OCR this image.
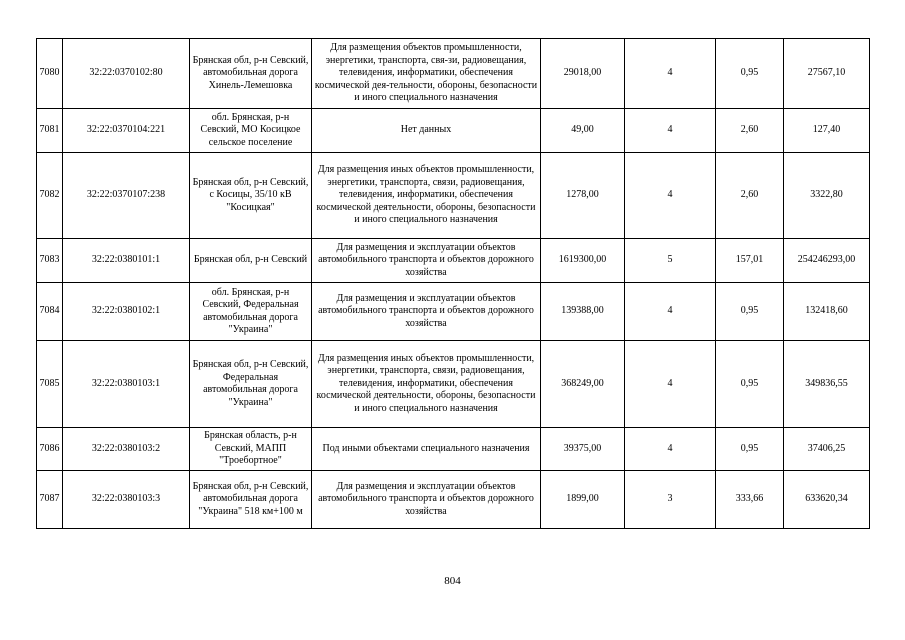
7080	32:22:0370102:80	Брянская обл, р-н Севский, автомобильная дорога Хинель-Лемешовка	Для размещения объектов промышленности, энергетики, транспорта, свя-зи, радиовещания, телевидения, информатики, обеспечения космической дея-тельности, обороны, безопасности и иного специального назначения	29018,00	4	0,95	27567,10
7081	32:22:0370104:221	обл. Брянская, р-н Севский, МО Косицкое сельское поселение	Нет данных	49,00	4	2,60	127,40
7082	32:22:0370107:238	Брянская обл, р-н Севский, с Косицы, 35/10 кВ "Косицкая"	Для размещения иных объектов промышленности, энергетики, транспорта, связи, радиовещания, телевидения, информатики, обеспечения космической деятельности, обороны, безопасности и иного специального назначения	1278,00	4	2,60	3322,80
7083	32:22:0380101:1	Брянская обл, р-н Севский	Для размещения и эксплуатации объектов автомобильного транспорта и объектов дорожного хозяйства	1619300,00	5	157,01	254246293,00
7084	32:22:0380102:1	обл. Брянская, р-н Севский, Федеральная автомобильная дорога "Украина"	Для размещения и эксплуатации объектов автомобильного транспорта и объектов дорожного хозяйства	139388,00	4	0,95	132418,60
7085	32:22:0380103:1	Брянская обл, р-н Севский, Федеральная автомобильная дорога "Украина"	Для размещения иных объектов промышленности, энергетики, транспорта, связи, радиовещания, телевидения, информатики, обеспечения космической деятельности, обороны, безопасности и иного специального назначения	368249,00	4	0,95	349836,55
7086	32:22:0380103:2	Брянская область, р-н Севский, МАПП "Троебортное"	Под иными объектами специального назначения	39375,00	4	0,95	37406,25
7087	32:22:0380103:3	Брянская обл, р-н Севский, автомобильная дорога "Украина" 518 км+100 м	Для размещения и эксплуатации объектов автомобильного транспорта и объектов дорожного хозяйства	1899,00	3	333,66	633620,34
804
